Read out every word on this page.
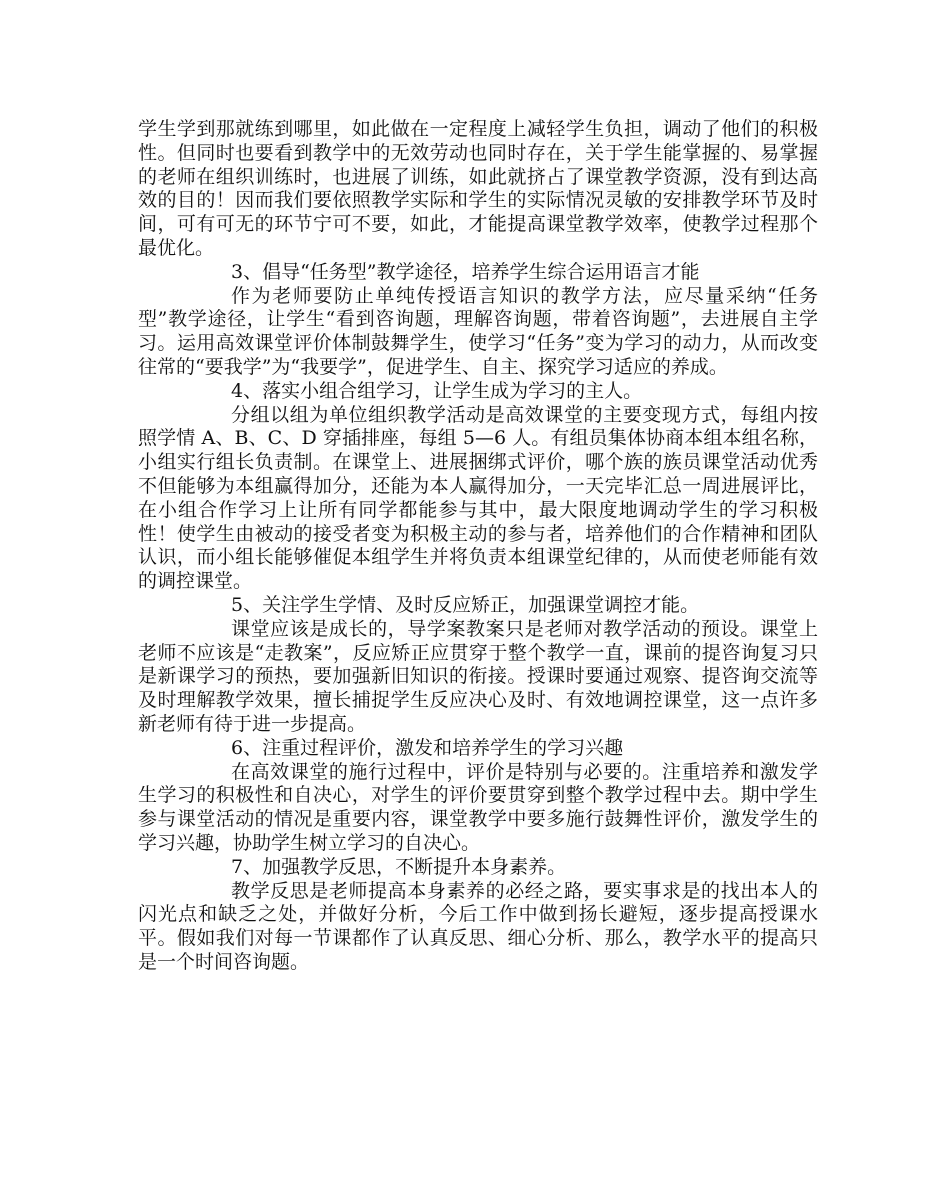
学生学到那就练到哪里，如此做在一定程度上减轻学生负担，调动了他们的积极性。但同时也要看到教学中的无效劳动也同时存在，关于学生能掌握的、易掌握的老师在组织训练时，也进展了训练，如此就挤占了课堂教学资源，没有到达高效的目的！因而我们要依照教学实际和学生的实际情况灵敏的安排教学环节及时间，可有可无的环节宁可不要，如此，才能提高课堂教学效率，使教学过程那个最优化。

3、倡导“任务型”教学途径，培养学生综合运用语言才能

作为老师要防止单纯传授语言知识的教学方法，应尽量采纳“任务型”教学途径，让学生“看到咨询题，理解咨询题，带着咨询题”，去进展自主学习。运用高效课堂评价体制鼓舞学生，使学习“任务”变为学习的动力，从而改变往常的“要我学”为“我要学”，促进学生、自主、探究学习适应的养成。

4、落实小组合组学习，让学生成为学习的主人。

分组以组为单位组织教学活动是高效课堂的主要变现方式，每组内按照学情 A、B、C、D 穿插排座，每组 5—6 人。有组员集体协商本组本组名称，小组实行组长负责制。在课堂上、进展捆绑式评价，哪个族的族员课堂活动优秀不但能够为本组赢得加分，还能为本人赢得加分，一天完毕汇总一周进展评比，在小组合作学习上让所有同学都能参与其中，最大限度地调动学生的学习积极性！使学生由被动的接受者变为积极主动的参与者，培养他们的合作精神和团队认识，而小组长能够催促本组学生并将负责本组课堂纪律的，从而使老师能有效的调控课堂。

5、关注学生学情、及时反应矫正，加强课堂调控才能。

课堂应该是成长的，导学案教案只是老师对教学活动的预设。课堂上老师不应该是“走教案”，反应矫正应贯穿于整个教学一直，课前的提咨询复习只是新课学习的预热，要加强新旧知识的衔接。授课时要通过观察、提咨询交流等及时理解教学效果，擅长捕捉学生反应决心及时、有效地调控课堂，这一点许多新老师有待于进一步提高。

6、注重过程评价，激发和培养学生的学习兴趣

在高效课堂的施行过程中，评价是特别与必要的。注重培养和激发学生学习的积极性和自决心，对学生的评价要贯穿到整个教学过程中去。期中学生参与课堂活动的情况是重要内容，课堂教学中要多施行鼓舞性评价，激发学生的学习兴趣，协助学生树立学习的自决心。

7、加强教学反思，不断提升本身素养。

教学反思是老师提高本身素养的必经之路，要实事求是的找出本人的闪光点和缺乏之处，并做好分析，今后工作中做到扬长避短，逐步提高授课水平。假如我们对每一节课都作了认真反思、细心分析、那么，教学水平的提高只是一个时间咨询题。
